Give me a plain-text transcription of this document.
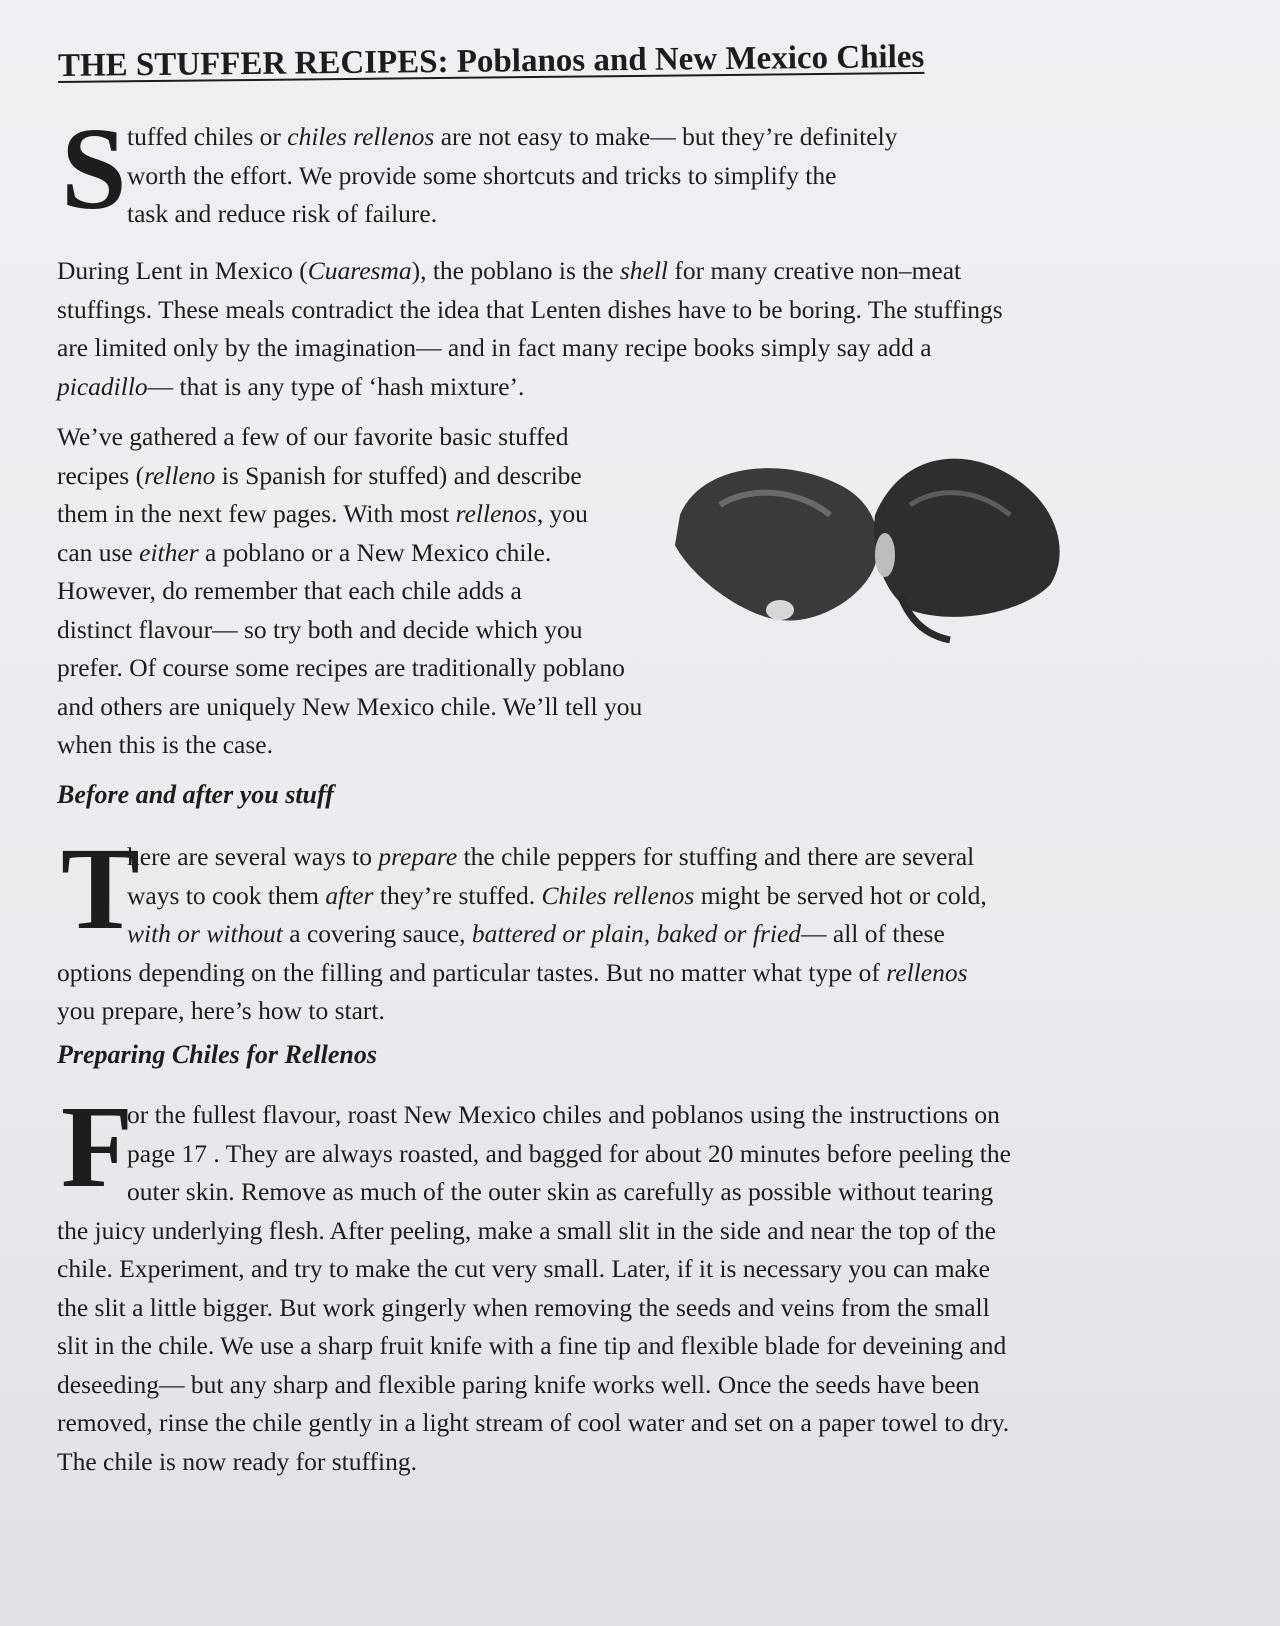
THE STUFFER RECIPES: Poblanos and New Mexico Chiles
S tuffed chiles or chiles rellenos are not easy to make— but they’re definitely
worth the effort. We provide some shortcuts and tricks to simplify the
task and reduce risk of failure.
During Lent in Mexico (Cuaresma), the poblano is the shell for many creative non–meat
stuffings. These meals contradict the idea that Lenten dishes have to be boring. The stuffings
are limited only by the imagination— and in fact many recipe books simply say add a
picadillo— that is any type of ‘hash mixture’.
We’ve gathered a few of our favorite basic stuffed
recipes (relleno is Spanish for stuffed) and describe
them in the next few pages. With most rellenos, you
can use either a poblano or a New Mexico chile.
However, do remember that each chile adds a
distinct flavour— so try both and decide which you
prefer. Of course some recipes are traditionally poblano
and others are uniquely New Mexico chile. We’ll tell you
when this is the case.
Before and after you stuff
T
here are several ways to prepare the chile peppers for stuffing and there are several
ways to cook them after they’re stuffed. Chiles rellenos might be served hot or cold,
with or without a covering sauce, battered or plain, baked or fried— all of these
options depending on the filling and particular tastes. But no matter what type of rellenos
you prepare, here’s how to start.
Preparing Chiles for Rellenos
F
or the fullest flavour, roast New Mexico chiles and poblanos using the instructions on
page 17 . They are always roasted, and bagged for about 20 minutes before peeling the
outer skin. Remove as much of the outer skin as carefully as possible without tearing
the juicy underlying flesh. After peeling, make a small slit in the side and near the top of the
chile. Experiment, and try to make the cut very small. Later, if it is necessary you can make
the slit a little bigger. But work gingerly when removing the seeds and veins from the small
slit in the chile. We use a sharp fruit knife with a fine tip and flexible blade for deveining and
deseeding— but any sharp and flexible paring knife works well. Once the seeds have been
removed, rinse the chile gently in a light stream of cool water and set on a paper towel to dry.
The chile is now ready for stuffing.
